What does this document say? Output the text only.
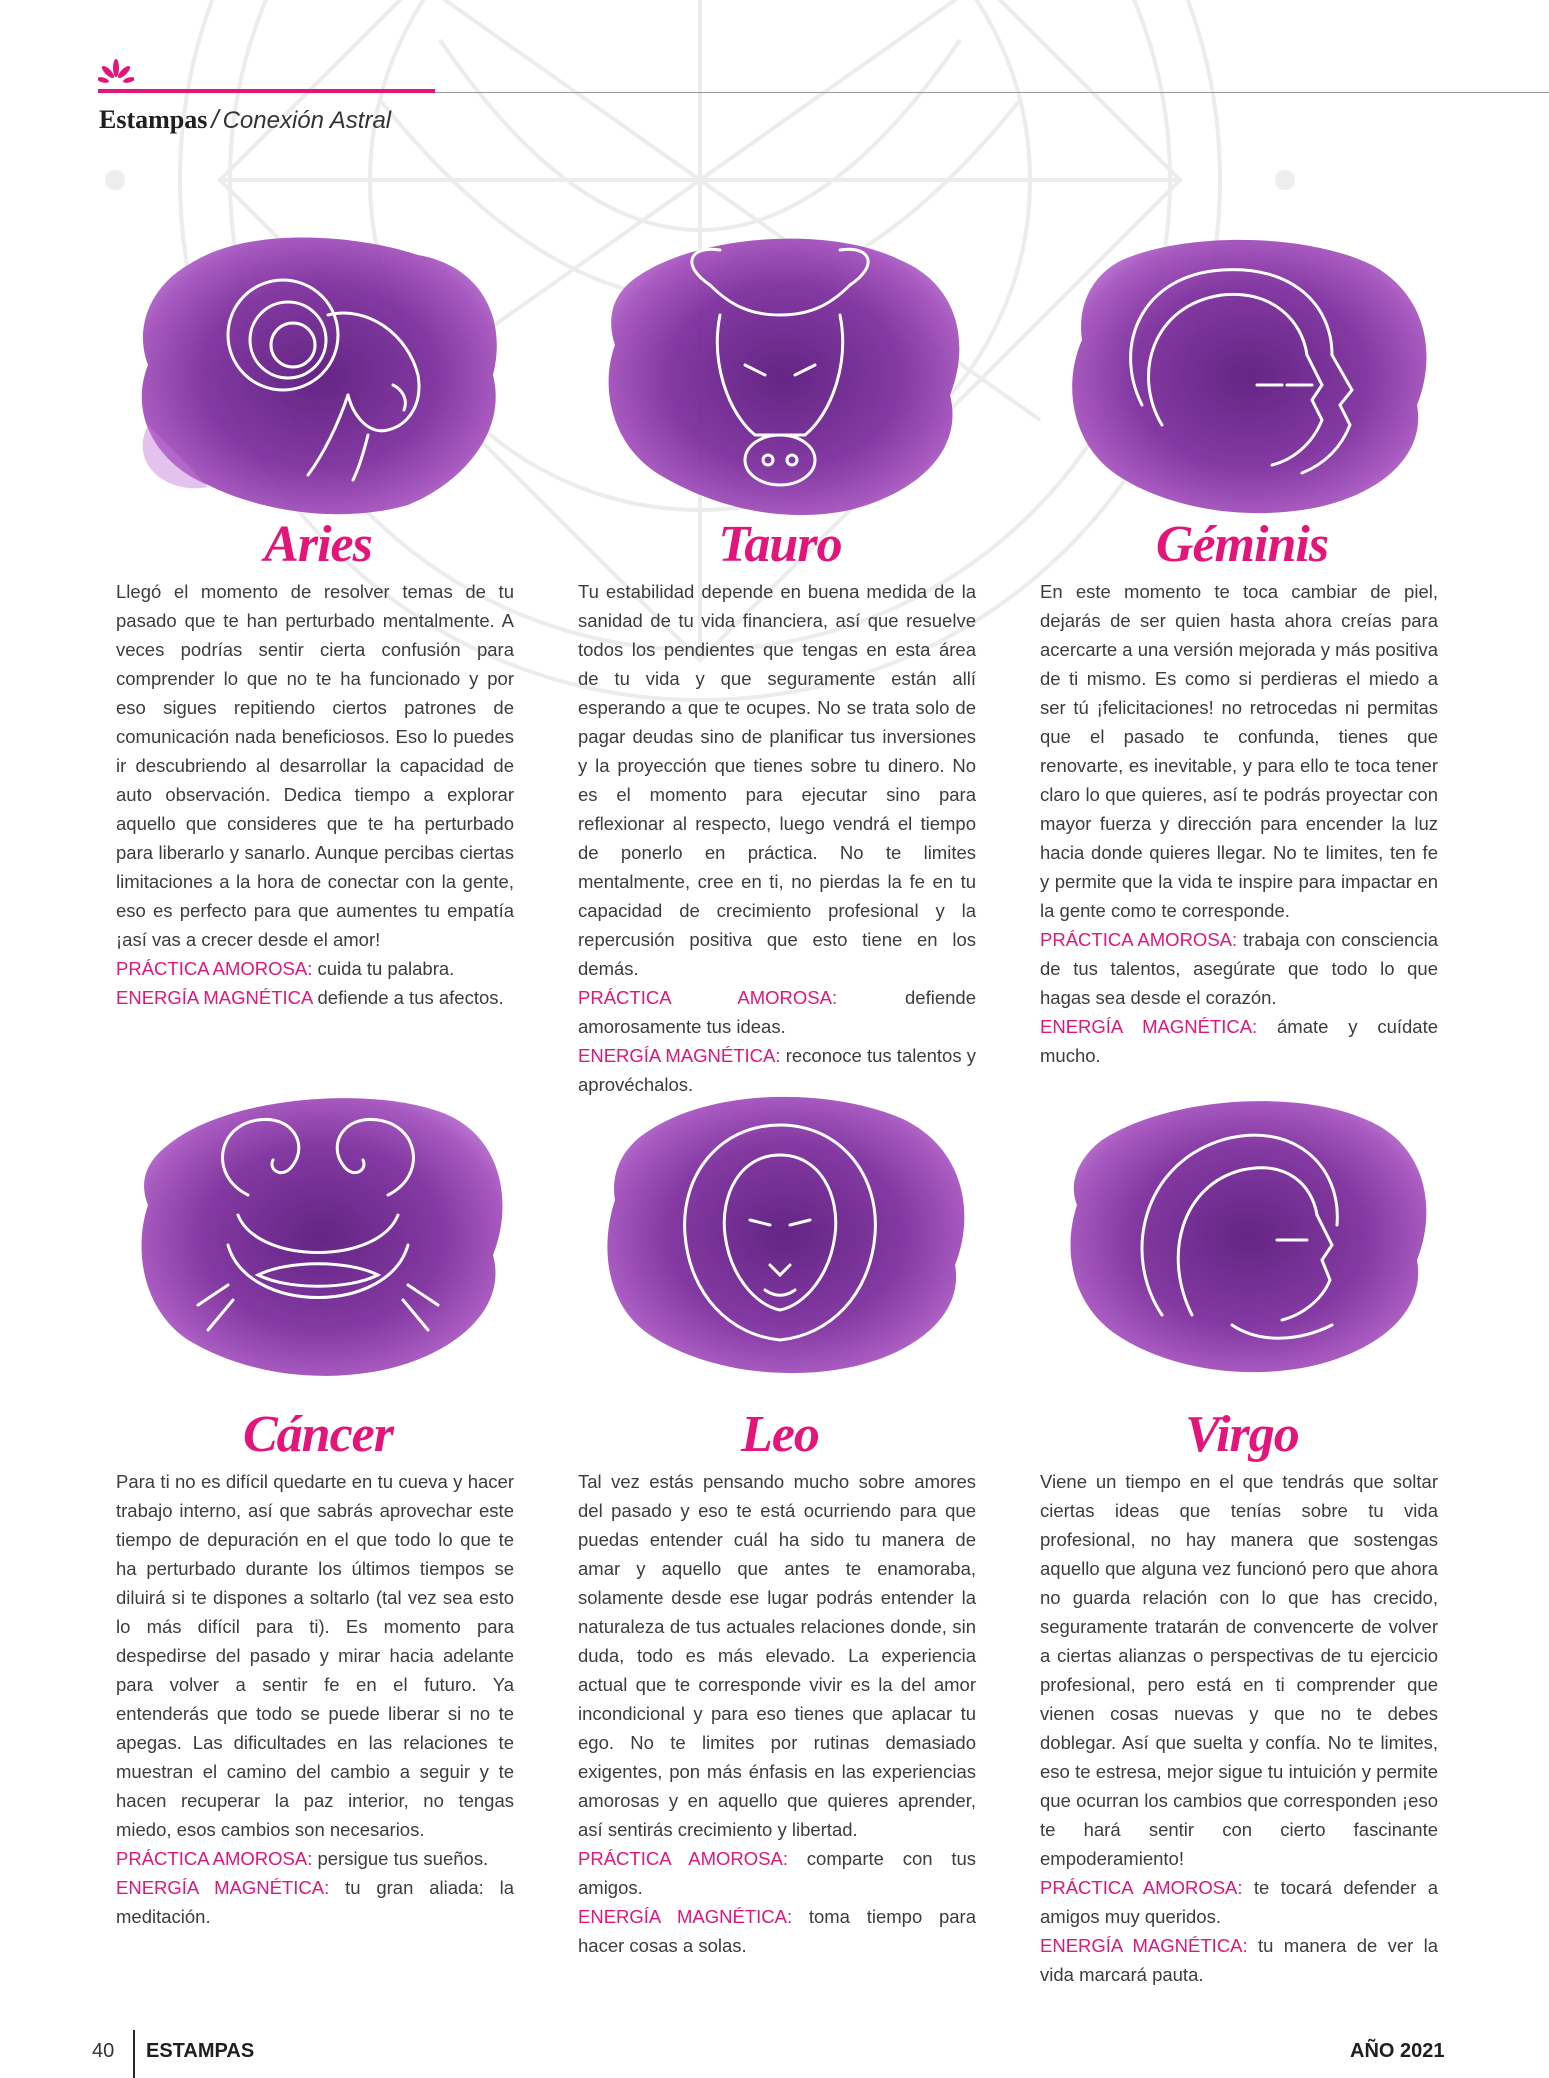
Estampas / Conexión Astral
Aries

Llegó el momento de resolver temas de tu pasado que te han perturbado mentalmente. A veces podrías sentir cierta confusión para comprender lo que no te ha funcionado y por eso sigues repitiendo ciertos patrones de comunicación nada beneficiosos. Eso lo puedes ir descubriendo al desarrollar la capacidad de auto observación. Dedica tiempo a explorar aquello que consideres que te ha perturbado para liberarlo y sanarlo. Aunque percibas ciertas limitaciones a la hora de conectar con la gente, eso es perfecto para que aumentes tu empatía ¡así vas a crecer desde el amor!

PRÁCTICA AMOROSA: cuida tu palabra.

ENERGÍA MAGNÉTICA defiende a tus afectos.

Tauro

Tu estabilidad depende en buena medida de la sanidad de tu vida financiera, así que resuelve todos los pendientes que tengas en esta área de tu vida y que seguramente están allí esperando a que te ocupes. No se trata solo de pagar deudas sino de planificar tus inversiones y la proyección que tienes sobre tu dinero. No es el momento para ejecutar sino para reflexionar al respecto, luego vendrá el tiempo de ponerlo en práctica. No te limites mentalmente, cree en ti, no pierdas la fe en tu capacidad de crecimiento profesional y la repercusión positiva que esto tiene en los demás.

PRÁCTICA AMOROSA:	defiende amorosamente tus ideas.

ENERGÍA MAGNÉTICA: reconoce tus talentos y aprovéchalos.

Géminis

En este momento te toca cambiar de piel, dejarás de ser quien hasta ahora creías para acercarte a una versión mejorada y más positiva de ti mismo. Es como si perdieras el miedo a ser tú ¡felicitaciones! no retrocedas ni permitas que el pasado te confunda, tienes que renovarte, es inevitable, y para ello te toca tener claro lo que quieres, así te podrás proyectar con mayor fuerza y dirección para encender la luz hacia donde quieres llegar. No te limites, ten fe y permite que la vida te inspire para impactar en la gente como te corresponde.

PRÁCTICA AMOROSA: trabaja con consciencia de tus talentos, asegúrate que todo lo que hagas sea desde el corazón.

ENERGÍA MAGNÉTICA: ámate y cuídate mucho.

Cáncer

Para ti no es difícil quedarte en tu cueva y hacer trabajo interno, así que sabrás aprovechar este tiempo de depuración en el que todo lo que te ha perturbado durante los últimos tiempos se diluirá si te dispones a soltarlo (tal vez sea esto lo más difícil para ti). Es momento para despedirse del pasado y mirar hacia adelante para volver a sentir fe en el futuro. Ya entenderás que todo se puede liberar si no te apegas. Las dificultades en las relaciones te muestran el camino del cambio a seguir y te hacen recuperar la paz interior, no tengas miedo, esos cambios son necesarios.

PRÁCTICA AMOROSA: persigue tus sueños.

ENERGÍA MAGNÉTICA: tu gran aliada: la meditación.

Leo

Tal vez estás pensando mucho sobre amores del pasado y eso te está ocurriendo para que puedas entender cuál ha sido tu manera de amar y aquello que antes te enamoraba, solamente desde ese lugar podrás entender la naturaleza de tus actuales relaciones donde, sin duda, todo es más elevado. La experiencia actual que te corresponde vivir es la del amor incondicional y para eso tienes que aplacar tu ego. No te limites por rutinas demasiado exigentes, pon más énfasis en las experiencias amorosas y en aquello que quieres aprender, así sentirás crecimiento y libertad.

PRÁCTICA AMOROSA: comparte con tus amigos.

ENERGÍA MAGNÉTICA: toma tiempo para hacer cosas a solas.

Virgo

Viene un tiempo en el que tendrás que soltar ciertas ideas que tenías sobre tu vida profesional, no hay manera que sostengas aquello que alguna vez funcionó pero que ahora no guarda relación con lo que has crecido, seguramente tratarán de convencerte de volver a ciertas alianzas o perspectivas de tu ejercicio profesional, pero está en ti comprender que vienen cosas nuevas y que no te debes doblegar. Así que suelta y confía. No te limites, eso te estresa, mejor sigue tu intuición y permite que ocurran los cambios que corresponden ¡eso te hará sentir con cierto fascinante empoderamiento!

PRÁCTICA AMOROSA: te tocará defender a amigos muy queridos.

ENERGÍA MAGNÉTICA: tu manera de ver la vida marcará pauta.

40 ESTAMPAS	AÑO 2021
